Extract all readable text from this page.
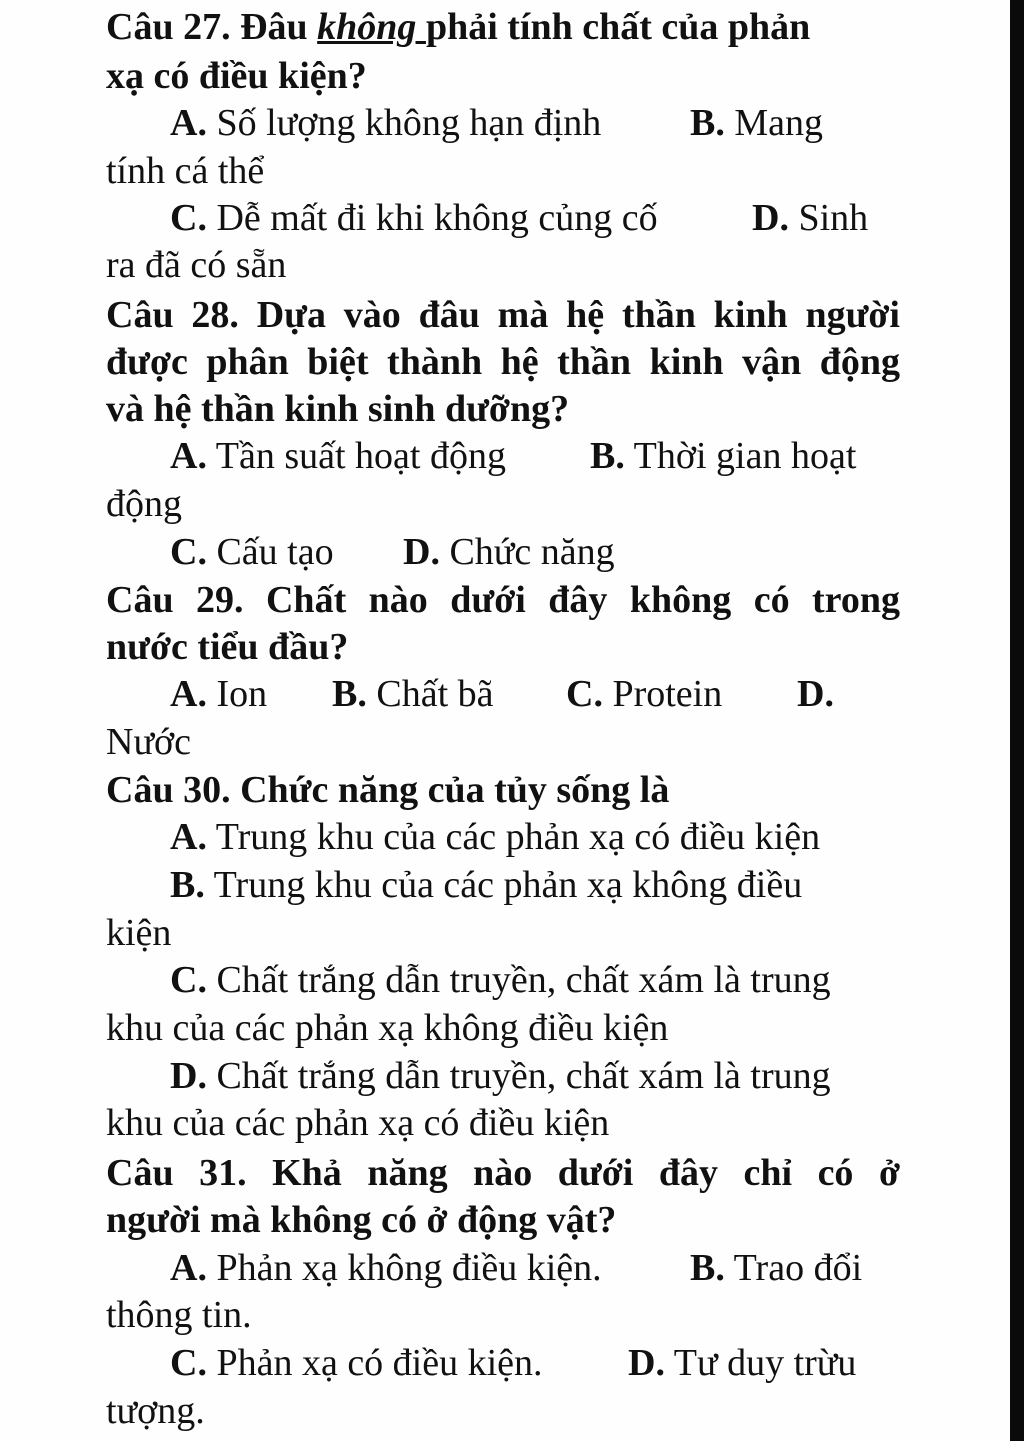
Câu 27. Đâu không phải tính chất của phản
xạ có điều kiện?
A. Số lượng không hạn định B. Mang
tính cá thể
C. Dễ mất đi khi không củng cố D. Sinh
ra đã có sẵn
Câu 28. Dựa vào đâu mà hệ thần kinh người
được phân biệt thành hệ thần kinh vận động
và hệ thần kinh sinh dưỡng?
A. Tần suất hoạt động B. Thời gian hoạt
động
C. Cấu tạo D. Chức năng
Câu 29. Chất nào dưới đây không có trong
nước tiểu đầu?
A. Ion B. Chất bã C. Protein D.
Nước
Câu 30. Chức năng của tủy sống là
A. Trung khu của các phản xạ có điều kiện
B. Trung khu của các phản xạ không điều
kiện
C. Chất trắng dẫn truyền, chất xám là trung
khu của các phản xạ không điều kiện
D. Chất trắng dẫn truyền, chất xám là trung
khu của các phản xạ có điều kiện
Câu 31. Khả năng nào dưới đây chỉ có ở
người mà không có ở động vật?
A. Phản xạ không điều kiện. B. Trao đổi
thông tin.
C. Phản xạ có điều kiện. D. Tư duy trừu
tượng.
